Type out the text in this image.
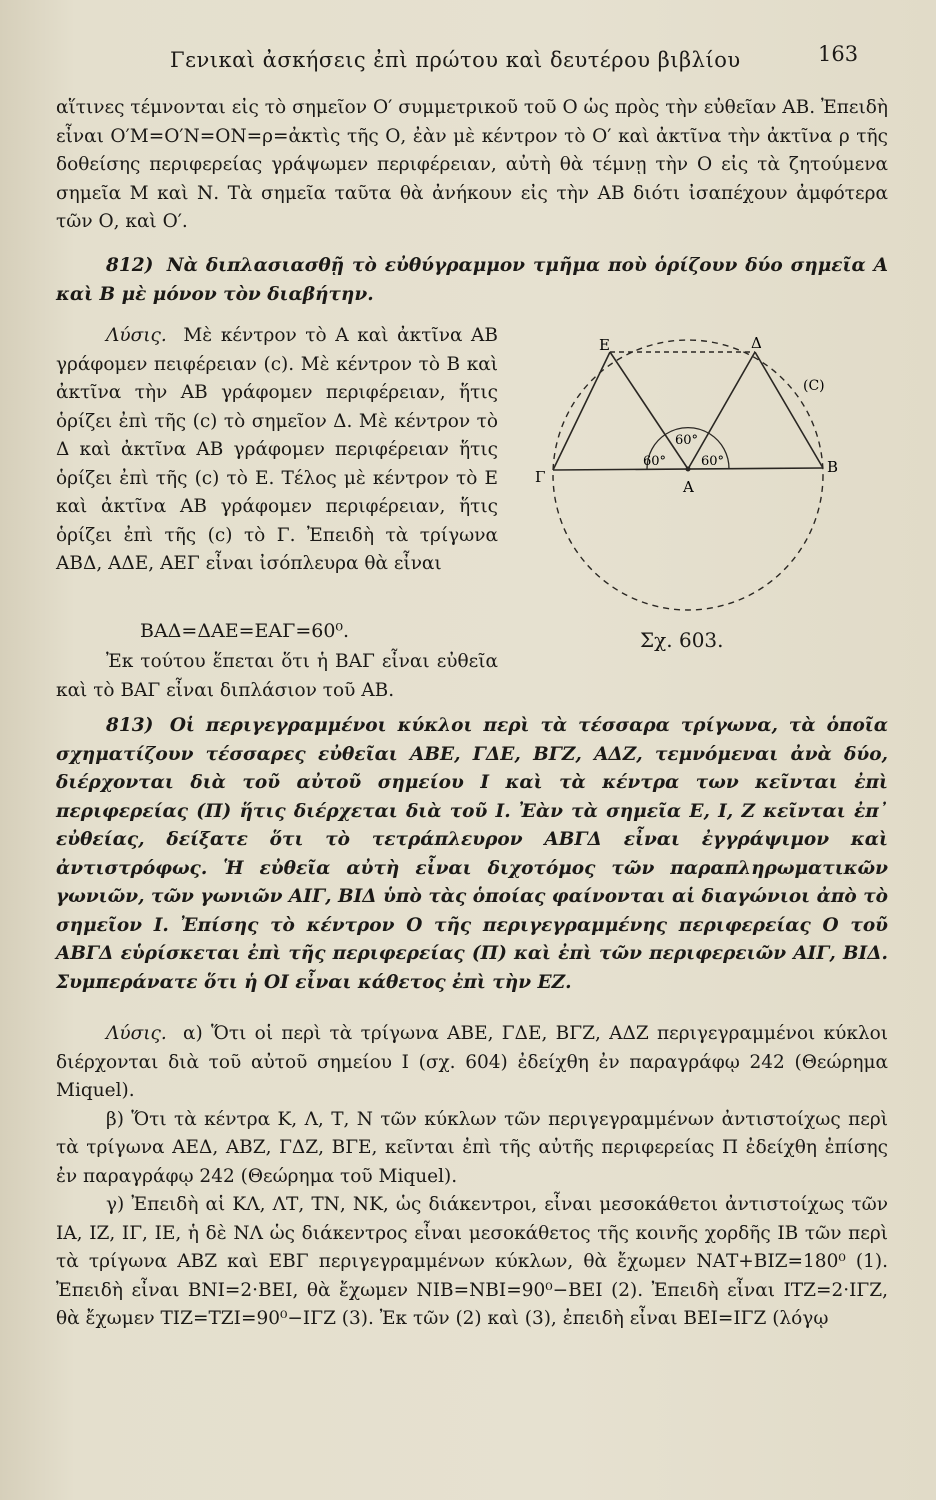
Γενικαὶ ἀσκήσεις ἐπὶ πρώτου καὶ δευτέρου βιβλίου	163

αἵτινες τέμνονται εἰς τὸ σημεῖον Ο′ συμμετρικοῦ τοῦ Ο ὡς πρὸς τὴν εὐθεῖαν ΑΒ. Ἐπειδὴ εἶναι Ο′Μ=Ο′Ν=ΟΝ=ρ=ἀκτὶς τῆς Ο, ἐὰν μὲ κέντρον τὸ Ο′ καὶ ἀκτῖνα τὴν ἀκτῖνα ρ τῆς δοθείσης περιφερείας γράψωμεν περιφέρειαν, αὐτὴ θὰ τέμνῃ τὴν Ο εἰς τὰ ζητούμενα σημεῖα Μ καὶ Ν. Τὰ σημεῖα ταῦτα θὰ ἀνήκουν εἰς τὴν ΑΒ διότι ἰσαπέχουν ἀμφότερα τῶν Ο, καὶ Ο′.

812) Νὰ διπλασιασθῇ τὸ εὐθύγραμμον τμῆμα ποὺ ὁρίζουν δύο σημεῖα Α καὶ Β μὲ μόνον τὸν διαβήτην.

Λύσις. Μὲ κέντρον τὸ Α καὶ ἀκτῖνα ΑΒ γράφομεν πειφέρειαν (c). Μὲ κέντρον τὸ Β καὶ ἀκτῖνα τὴν ΑΒ γράφομεν περιφέρειαν, ἥτις ὁρίζει ἐπὶ τῆς (c) τὸ σημεῖον Δ. Μὲ κέντρον τὸ Δ καὶ ἀκτῖνα ΑΒ γράφομεν περιφέρειαν ἥτις ὁρίζει ἐπὶ τῆς (c) τὸ Ε. Τέλος μὲ κέντρον τὸ Ε καὶ ἀκτῖνα ΑΒ γράφομεν περιφέρειαν, ἥτις ὁρίζει ἐπὶ τῆς (c) τὸ Γ. Ἐπειδὴ τὰ τρίγωνα ΑΒΔ, ΑΔΕ, ΑΕΓ εἶναι ἰσόπλευρα θὰ εἶναι

ΒΑΔ=ΔΑΕ=ΕΑΓ=60⁰.

Ἐκ τούτου ἕπεται ὅτι ἡ ΒΑΓ εἶναι εὐθεῖα καὶ τὸ ΒΑΓ εἶναι διπλάσιον τοῦ ΑΒ.

Ε	Δ
Γ
Α
Β
(C)
60°
60°
60°
Σχ. 603.

813) Οἱ περιγεγραμμένοι κύκλοι περὶ τὰ τέσσαρα τρίγωνα, τὰ ὁποῖα σχηματίζουν τέσσαρες εὐθεῖαι ΑΒΕ, ΓΔΕ, ΒΓΖ, ΑΔΖ, τεμνόμεναι ἀνὰ δύο, διέρχονται διὰ τοῦ αὐτοῦ σημείου Ι καὶ τὰ κέντρα των κεῖνται ἐπὶ περιφερείας (Π) ἥτις διέρχεται διὰ τοῦ Ι. Ἐὰν τὰ σημεῖα Ε, Ι, Ζ κεῖνται ἐπ᾽ εὐθείας, δείξατε ὅτι τὸ τετράπλευρον ΑΒΓΔ εἶναι ἐγγράψιμον καὶ ἀντιστρόφως. Ἡ εὐθεῖα αὐτὴ εἶναι διχοτόμος τῶν παραπληρωματικῶν γωνιῶν, τῶν γωνιῶν ΑΙΓ, ΒΙΔ ὑπὸ τὰς ὁποίας φαίνονται αἱ διαγώνιοι ἀπὸ τὸ σημεῖον Ι. Ἐπίσης τὸ κέντρον Ο τῆς περιγεγραμμένης περιφερείας Ο τοῦ ΑΒΓΔ εὑρίσκεται ἐπὶ τῆς περιφερείας (Π) καὶ ἐπὶ τῶν περιφερειῶν ΑΙΓ, ΒΙΔ. Συμπεράνατε ὅτι ἡ ΟΙ εἶναι κάθετος ἐπὶ τὴν ΕΖ.

Λύσις. α) Ὅτι οἱ περὶ τὰ τρίγωνα ΑΒΕ, ΓΔΕ, ΒΓΖ, ΑΔΖ περιγεγραμμένοι κύκλοι διέρχονται διὰ τοῦ αὐτοῦ σημείου Ι (σχ. 604) ἐδείχθη ἐν παραγράφῳ 242 (Θεώρημα Miquel).

β) Ὅτι τὰ κέντρα Κ, Λ, Τ, Ν τῶν κύκλων τῶν περιγεγραμμένων ἀντιστοίχως περὶ τὰ τρίγωνα ΑΕΔ, ΑΒΖ, ΓΔΖ, ΒΓΕ, κεῖνται ἐπὶ τῆς αὐτῆς περιφερείας Π ἐδείχθη ἐπίσης ἐν παραγράφῳ 242 (Θεώρημα τοῦ Miquel).

γ) Ἐπειδὴ αἱ ΚΛ, ΛΤ, ΤΝ, ΝΚ, ὡς διάκεντροι, εἶναι μεσοκάθετοι ἀντιστοίχως τῶν ΙΑ, ΙΖ, ΙΓ, ΙΕ, ἡ δὲ ΝΛ ὡς διάκεντρος εἶναι μεσοκάθετος τῆς κοινῆς χορδῆς ΙΒ τῶν περὶ τὰ τρίγωνα ΑΒΖ καὶ ΕΒΓ περιγεγραμμένων κύκλων, θὰ ἔχωμεν ΝΑΤ+ΒΙΖ=180⁰ (1). Ἐπειδὴ εἶναι ΒΝΙ=2·ΒΕΙ, θὰ ἔχωμεν ΝΙΒ=ΝΒΙ=90⁰−ΒΕΙ (2). Ἐπειδὴ εἶναι ΙΤΖ=2·ΙΓΖ, θὰ ἔχωμεν ΤΙΖ=ΤΖΙ=90⁰−ΙΓΖ (3). Ἐκ τῶν (2) καὶ (3), ἐπειδὴ εἶναι ΒΕΙ=ΙΓΖ (λόγῳ
